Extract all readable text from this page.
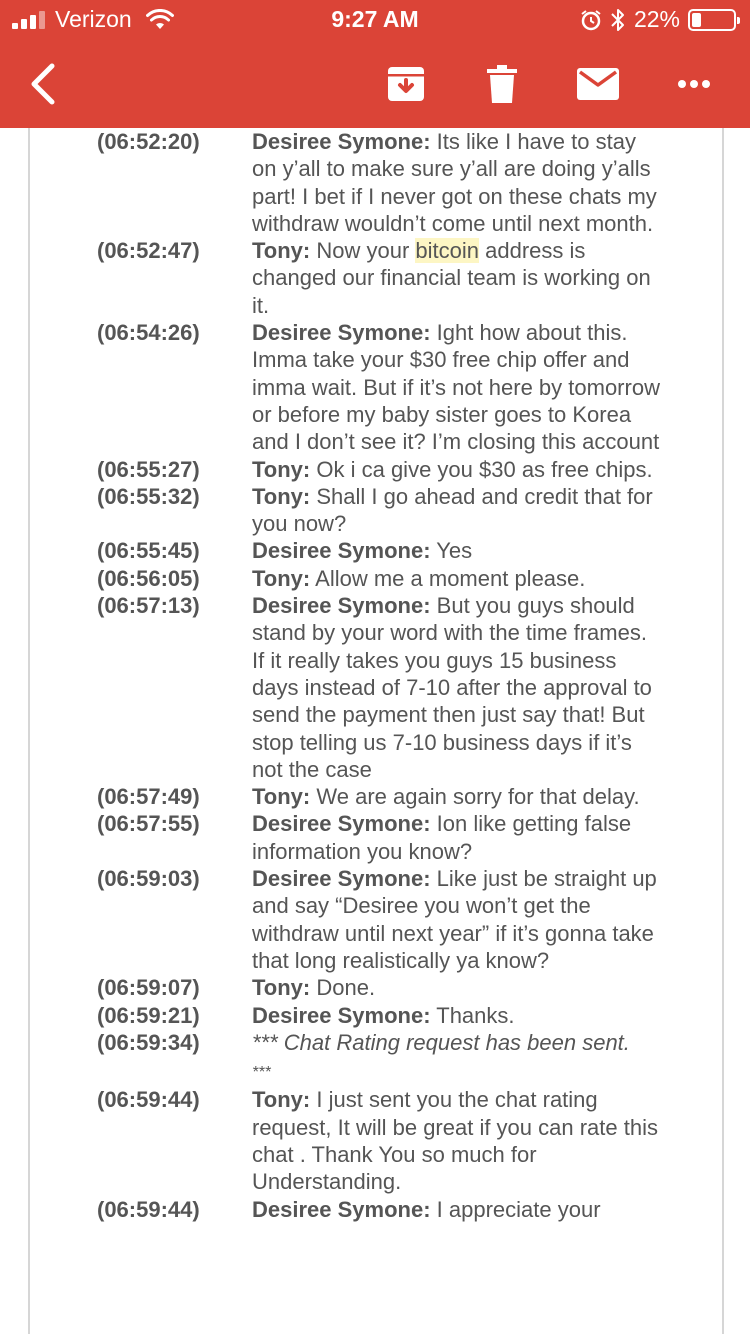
Verizon	9:27 AM	22%
(06:52:20)	Desiree Symone: Its like I have to stay on y’all to make sure y’all are doing y’alls part! I bet if I never got on these chats my withdraw wouldn’t come until next month.
(06:52:47)	Tony: Now your bitcoin address is changed our financial team is working on it.
(06:54:26)	Desiree Symone: Ight how about this. Imma take your $30 free chip offer and imma wait. But if it’s not here by tomorrow or before my baby sister goes to Korea and I don’t see it? I’m closing this account
(06:55:27)	Tony: Ok i ca give you $30 as free chips.
(06:55:32)	Tony: Shall I go ahead and credit that for you now?
(06:55:45)	Desiree Symone: Yes
(06:56:05)	Tony: Allow me a moment please.
(06:57:13)	Desiree Symone: But you guys should stand by your word with the time frames. If it really takes you guys 15 business days instead of 7-10 after the approval to send the payment then just say that! But stop telling us 7-10 business days if it’s not the case
(06:57:49)	Tony: We are again sorry for that delay.
(06:57:55)	Desiree Symone: Ion like getting false information you know?
(06:59:03)	Desiree Symone: Like just be straight up and say “Desiree you won’t get the withdraw until next year” if it’s gonna take that long realistically ya know?
(06:59:07)	Tony: Done.
(06:59:21)	Desiree Symone: Thanks.
(06:59:34)	*** Chat Rating request has been sent.
***
(06:59:44)	Tony: I just sent you the chat rating request, It will be great if you can rate this chat . Thank You so much for Understanding.
(06:59:44)	Desiree Symone: I appreciate your
